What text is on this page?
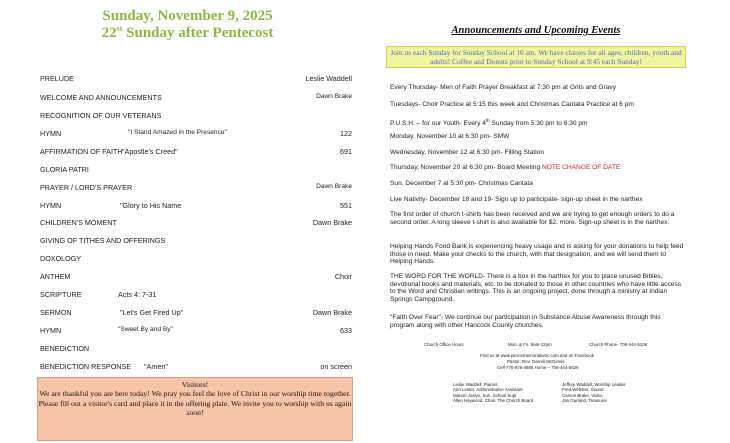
Sunday, November 9, 2025
22st Sunday after Pentecost
PRELUDE	Leslie Waddell
WELCOME AND ANNOUNCEMENTS	Dawn Brake
RECOGNITION OF OUR VETERANS
HYMN	"I Stand Amazed in the Presence"	122
AFFIRMATION OF FAITH "Apostle's Creed"	691
GLORIA PATRI
PRAYER / LORD'S PRAYER	Dawn Brake
HYMN	"Glory to His Name	551
CHILDREN'S MOMENT	Dawn Brake
GIVING OF TITHES AND OFFERINGS
DOXOLOGY
ANTHEM	Choir
SCRIPTURE	Acts 4: 7-31
SERMON	"Let's Get Fired Up"	Dawn Brake
HYMN	"Sweet By and By"	633
BENEDICTION
BENEDICTION RESPONSE "Amen"	on screen
Visitors!
We are thankful you are here today! We pray you feel the love of Christ in our worship time together. Please fill out a visitor's card and place it in the offering plate. We invite you to worship with us again soon!
Announcements and Upcoming Events
Join us each Sunday for Sunday School at 10 am. We have classes for all ages, children, youth and adults! Coffee and Donuts prior to Sunday School at 9:45 each Sunday!
Every Thursday- Men of Faith Prayer Breakfast at 7:30 pm at Grits and Gravy
Tuesdays- Choir Practice at 5:15 this week and Christmas Cantata Practice at 6 pm
P.U.S.H. – for our Youth- Every 4th Sunday from 5:30 pm to 6:30 pm
Monday, November 10 at 6:30 pm- SMW
Wednesday, November 12 at 6:30 pm- Filling Station
Thursday, November 20 at 6:30 pm- Board Meeting NOTE CHANGE OF DATE
Sun. December 7 at 5:30 pm- Christmas Cantata
Live Nativity- December 18 and 19- Sign up to participate- sign-up sheet in the narthex
The first order of church t-shirts has been received and we are trying to get enough orders to do a second order. A long sleeve t-shirt is also available for $2. more. Sign-up sheet is in the narthex.
Helping Hands Food Bank is experiencing heavy usage and is asking for your donations to help feed those in need. Make your checks to the church, with that designation, and we will send them to Helping Hands.
THE WORD FOR THE WORLD- There is a box in the narthex for you to place unused Bibles, devotional books and materials, etc. to be donated to those in other countries who have little access to the Word and Christian writings. This is an ongoing project, done through a ministry at Indian Springs Campground.
"Faith Over Fear"- We continue our participation in Substance Abuse Awareness through this program along with other Hancock County churches.
Church Office Hours	Mon. & Fri. 9am-12pm	Church Phone- 706-444-5106
Find us at www.piercememorialumc.com and on Facebook
Pastor: Rev. Darrell McGinnis
Cell-770-876-4885 Home – 706-444-5626
Leslie Waddell, Pianist
Ann Lester, Administrative Assistant
Maurel Joslyn, Sun. School Supt
Allen Haywood, Chair, The Church Board
Jeffrey Waddell, Worship Leader
Fred Webster, Sound
Carson Brake, Video
Jan Garland, Treasurer
